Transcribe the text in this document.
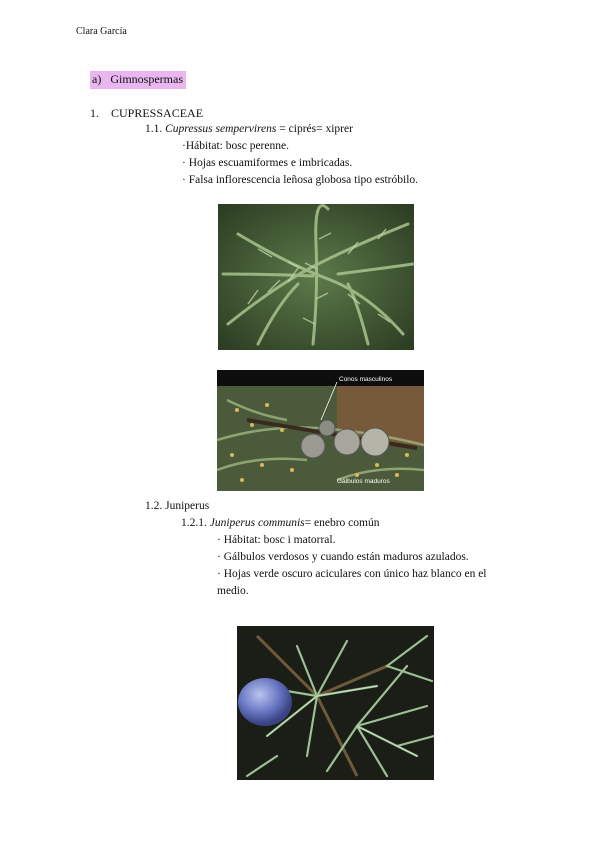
Clara García
a) Gimnospermas
1. CUPRESSACEAE
1.1. Cupressus sempervirens = ciprés= xiprer
·Hábitat: bosc perenne.
· Hojas escuamiformes e imbricadas.
· Falsa inflorescencia leñosa globosa tipo estróbilo.
Conos masculinos
Gálbulos maduros
1.2. Juniperus
1.2.1. Juniperus communis= enebro común
· Hábitat: bosc i matorral.
· Gálbulos verdosos y cuando están maduros azulados.
· Hojas verde oscuro aciculares con único haz blanco en el
medio.
